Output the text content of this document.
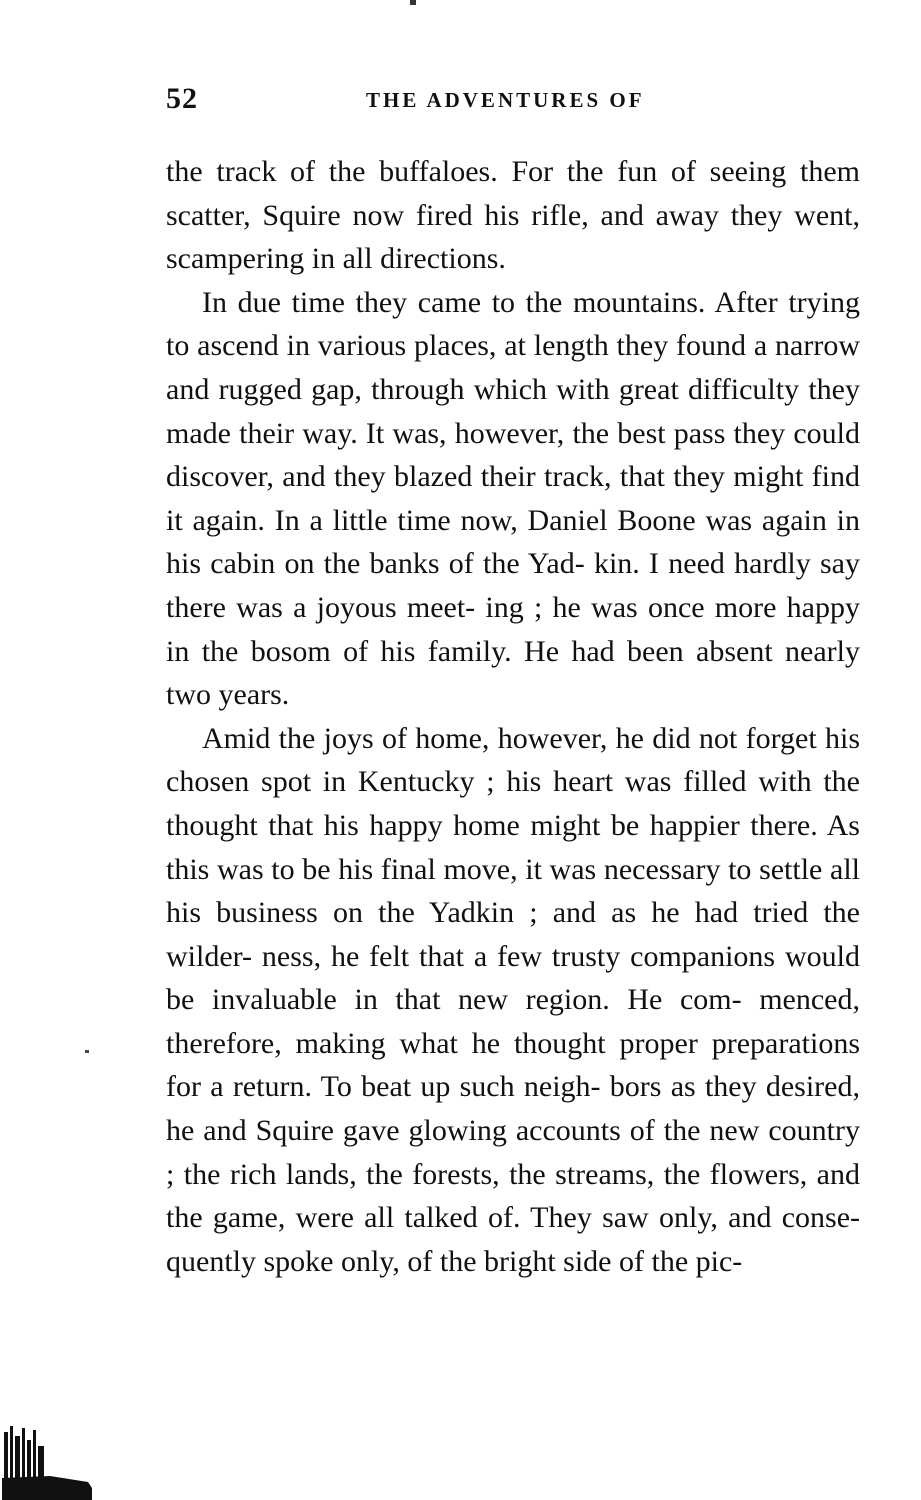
52	THE ADVENTURES OF

the track of the buffaloes. For the fun of seeing them scatter, Squire now fired his rifle, and away they went, scampering in all directions.

In due time they came to the mountains. After trying to ascend in various places, at length they found a narrow and rugged gap, through which with great difficulty they made their way. It was, however, the best pass they could discover, and they blazed their track, that they might find it again. In a little time now, Daniel Boone was again in his cabin on the banks of the Yad- kin. I need hardly say there was a joyous meet- ing ; he was once more happy in the bosom of his family. He had been absent nearly two years.

Amid the joys of home, however, he did not forget his chosen spot in Kentucky ; his heart was filled with the thought that his happy home might be happier there. As this was to be his final move, it was necessary to settle all his business on the Yadkin ; and as he had tried the wilder- ness, he felt that a few trusty companions would be invaluable in that new region. He com- menced, therefore, making what he thought proper preparations for a return. To beat up such neigh- bors as they desired, he and Squire gave glowing accounts of the new country ; the rich lands, the forests, the streams, the flowers, and the game, were all talked of. They saw only, and conse- quently spoke only, of the bright side of the pic-
